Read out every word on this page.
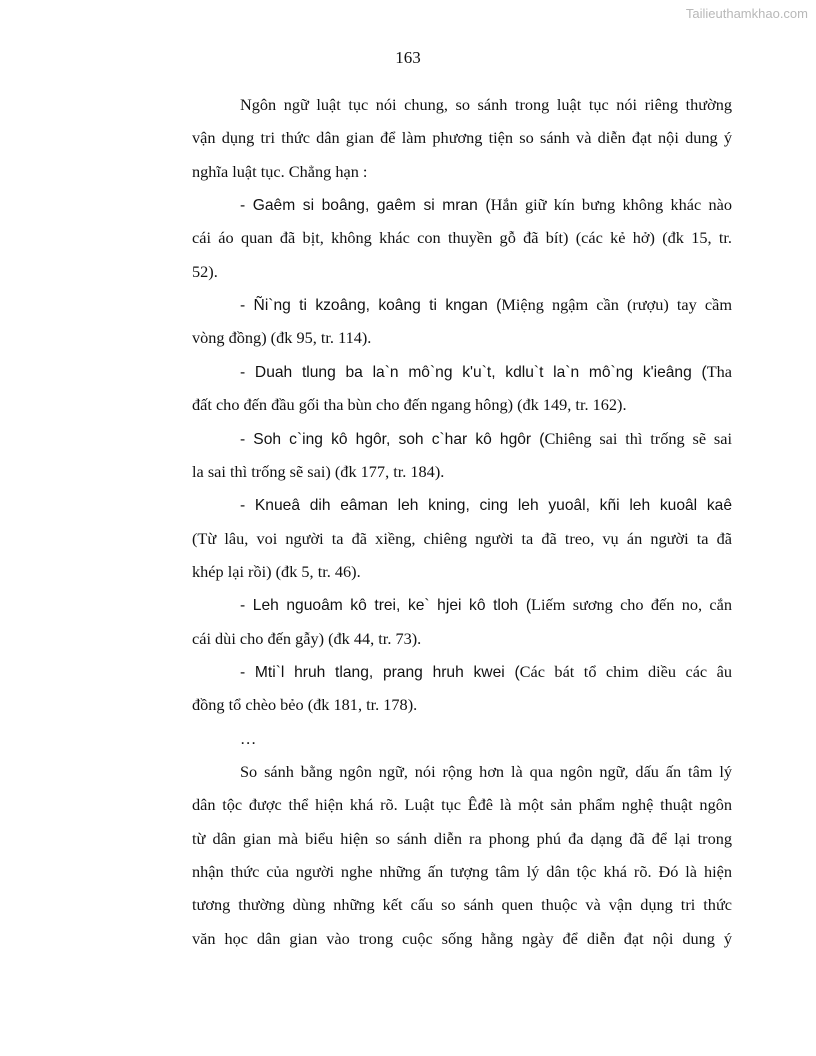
Tailieuthamkhao.com
163
Ngôn ngữ luật tục nói chung, so sánh trong luật tục nói riêng thường
vận dụng tri thức dân gian để làm phương tiện so sánh và diễn đạt nội dung ý
nghĩa luật tục. Chẳng hạn :
- Gaêm si boâng, gaêm si mran (Hắn giữ kín bưng không khác nào
cái áo quan đã bịt, không khác con thuyền gỗ đã bít) (các kẻ hở) (đk 15, tr.
52).
- Ñi`ng ti kzoâng, koâng ti kngan (Miệng ngậm cần (rượu) tay cầm
vòng đồng) (đk 95, tr. 114).
- Duah tlung ba la`n mô`ng k'u`t, kdlu`t la`n mô`ng k'ieâng (Tha
đất cho đến đầu gối tha bùn cho đến ngang hông) (đk 149, tr. 162).
- Soh c`ing kô hgôr, soh c`har kô hgôr (Chiêng sai thì trống sẽ sai
la sai thì trống sẽ sai) (đk 177, tr. 184).
- Knueâ dih eâman leh kning, cing leh yuoâl, kñi leh kuoâl kaê
(Từ lâu, voi người ta đã xiềng, chiêng người ta đã treo, vụ án người ta đã
khép lại rồi) (đk 5, tr. 46).
- Leh nguoâm kô trei, ke` hjei kô tloh (Liếm sương cho đến no, cắn
cái dùi cho đến gẫy) (đk 44, tr. 73).
- Mti`l hruh tlang, prang hruh kwei (Các bát tổ chim diều các âu
đồng tổ chèo bẻo (đk 181, tr. 178).
…
So sánh bằng ngôn ngữ, nói rộng hơn là qua ngôn ngữ, dấu ấn tâm lý
dân tộc được thể hiện khá rõ. Luật tục Êđê là một sản phẩm nghệ thuật ngôn
từ dân gian mà biểu hiện so sánh diễn ra phong phú đa dạng đã để lại trong
nhận thức của người nghe những ấn tượng tâm lý dân tộc khá rõ. Đó là hiện
tương thường dùng những kết cấu so sánh quen thuộc và vận dụng tri thức
văn học dân gian vào trong cuộc sống hằng ngày để diễn đạt nội dung ý
